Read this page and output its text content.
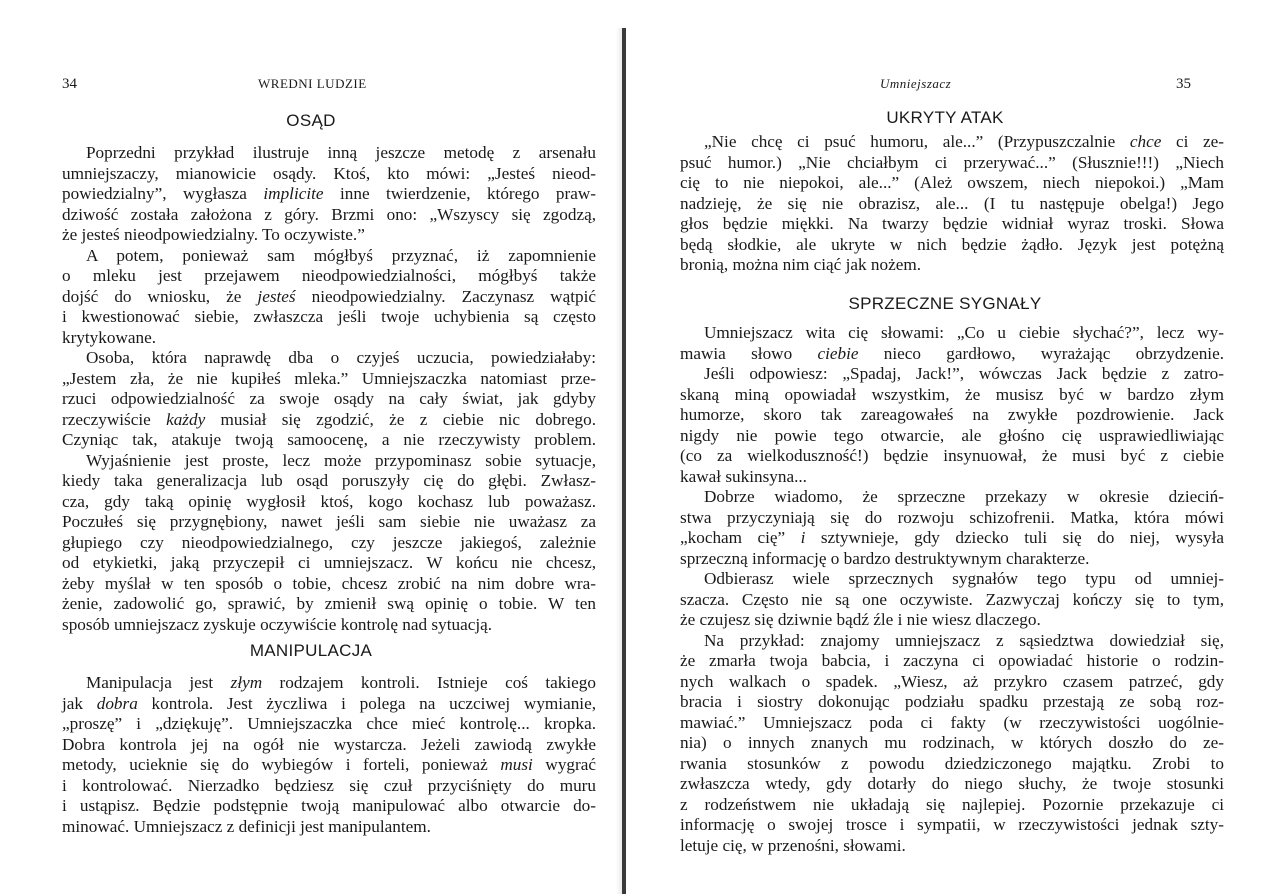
34	WREDNI LUDZIE
OSĄD
Poprzedni przykład ilustruje inną jeszcze metodę z arsenału
umniejszaczy, mianowicie osądy. Ktoś, kto mówi: „Jesteś nieod-
powiedzialny”, wygłasza implicite inne twierdzenie, którego praw-
dziwość została założona z góry. Brzmi ono: „Wszyscy się zgodzą,
że jesteś nieodpowiedzialny. To oczywiste.”
A potem, ponieważ sam mógłbyś przyznać, iż zapomnienie
o mleku jest przejawem nieodpowiedzialności, mógłbyś także
dojść do wniosku, że jesteś nieodpowiedzialny. Zaczynasz wątpić
i kwestionować siebie, zwłaszcza jeśli twoje uchybienia są często
krytykowane.
Osoba, która naprawdę dba o czyjeś uczucia, powiedziałaby:
„Jestem zła, że nie kupiłeś mleka.” Umniejszaczka natomiast prze-
rzuci odpowiedzialność za swoje osądy na cały świat, jak gdyby
rzeczywiście każdy musiał się zgodzić, że z ciebie nic dobrego.
Czyniąc tak, atakuje twoją samoocenę, a nie rzeczywisty problem.
Wyjaśnienie jest proste, lecz może przypominasz sobie sytuacje,
kiedy taka generalizacja lub osąd poruszyły cię do głębi. Zwłasz-
cza, gdy taką opinię wygłosił ktoś, kogo kochasz lub poważasz.
Poczułeś się przygnębiony, nawet jeśli sam siebie nie uważasz za
głupiego czy nieodpowiedzialnego, czy jeszcze jakiegoś, zależnie
od etykietki, jaką przyczepił ci umniejszacz. W końcu nie chcesz,
żeby myślał w ten sposób o tobie, chcesz zrobić na nim dobre wra-
żenie, zadowolić go, sprawić, by zmienił swą opinię o tobie. W ten
sposób umniejszacz zyskuje oczywiście kontrolę nad sytuacją.
MANIPULACJA
Manipulacja jest złym rodzajem kontroli. Istnieje coś takiego
jak dobra kontrola. Jest życzliwa i polega na uczciwej wymianie,
„proszę” i „dziękuję”. Umniejszaczka chce mieć kontrolę... kropka.
Dobra kontrola jej na ogół nie wystarcza. Jeżeli zawiodą zwykłe
metody, ucieknie się do wybiegów i forteli, ponieważ musi wygrać
i kontrolować. Nierzadko będziesz się czuł przyciśnięty do muru
i ustąpisz. Będzie podstępnie twoją manipulować albo otwarcie do-
minować. Umniejszacz z definicji jest manipulantem.
Umniejszacz	35
UKRYTY ATAK
„Nie chcę ci psuć humoru, ale...” (Przypuszczalnie chce ci ze-
psuć humor.) „Nie chciałbym ci przerywać...” (Słusznie!!!) „Niech
cię to nie niepokoi, ale...” (Ależ owszem, niech niepokoi.) „Mam
nadzieję, że się nie obrazisz, ale... (I tu następuje obelga!) Jego
głos będzie miękki. Na twarzy będzie widniał wyraz troski. Słowa
będą słodkie, ale ukryte w nich będzie żądło. Język jest potężną
bronią, można nim ciąć jak nożem.
SPRZECZNE SYGNAŁY
Umniejszacz wita cię słowami: „Co u ciebie słychać?”, lecz wy-
mawia słowo ciebie nieco gardłowo, wyrażając obrzydzenie.
Jeśli odpowiesz: „Spadaj, Jack!”, wówczas Jack będzie z zatro-
skaną miną opowiadał wszystkim, że musisz być w bardzo złym
humorze, skoro tak zareagowałeś na zwykłe pozdrowienie. Jack
nigdy nie powie tego otwarcie, ale głośno cię usprawiedliwiając
(co za wielkoduszność!) będzie insynuował, że musi być z ciebie
kawał sukinsyna...
Dobrze wiadomo, że sprzeczne przekazy w okresie dzieciń-
stwa przyczyniają się do rozwoju schizofrenii. Matka, która mówi
„kocham cię” i sztywnieje, gdy dziecko tuli się do niej, wysyła
sprzeczną informację o bardzo destruktywnym charakterze.
Odbierasz wiele sprzecznych sygnałów tego typu od umniej-
szacza. Często nie są one oczywiste. Zazwyczaj kończy się to tym,
że czujesz się dziwnie bądź źle i nie wiesz dlaczego.
Na przykład: znajomy umniejszacz z sąsiedztwa dowiedział się,
że zmarła twoja babcia, i zaczyna ci opowiadać historie o rodzin-
nych walkach o spadek. „Wiesz, aż przykro czasem patrzeć, gdy
bracia i siostry dokonując podziału spadku przestają ze sobą roz-
mawiać.” Umniejszacz poda ci fakty (w rzeczywistości uogólnie-
nia) o innych znanych mu rodzinach, w których doszło do ze-
rwania stosunków z powodu dziedziczonego majątku. Zrobi to
zwłaszcza wtedy, gdy dotarły do niego słuchy, że twoje stosunki
z rodzeństwem nie układają się najlepiej. Pozornie przekazuje ci
informację o swojej trosce i sympatii, w rzeczywistości jednak szty-
letuje cię, w przenośni, słowami.
